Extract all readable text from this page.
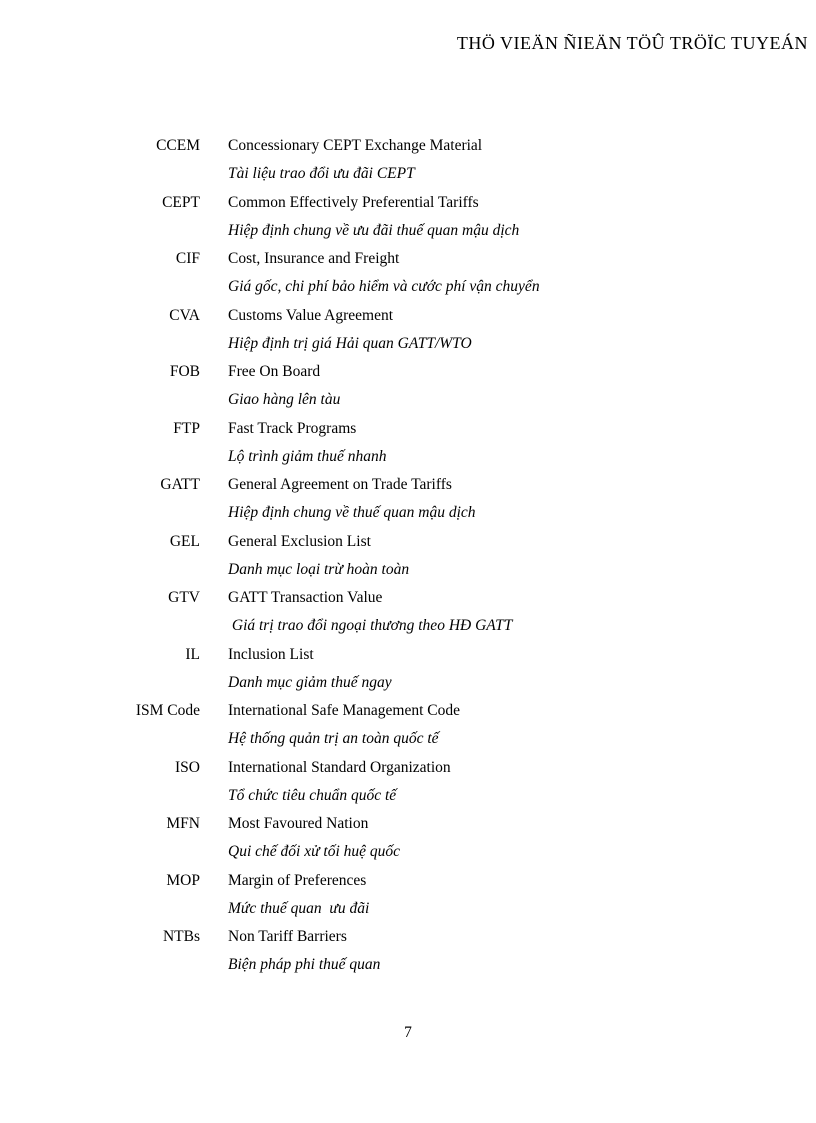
THÖ VIEÄN ÑIEÄN TÖÛ TRÖÏC TUYEÁN
CCEM Concessionary CEPT Exchange Material
Tài liệu trao đổi ưu đãi CEPT
CEPT Common Effectively Preferential Tariffs
Hiệp định chung về ưu đãi thuế quan mậu dịch
CIF Cost, Insurance and Freight
Giá gốc, chi phí bảo hiểm và cước phí vận chuyển
CVA Customs Value Agreement
Hiệp định trị giá Hải quan GATT/WTO
FOB Free On Board
Giao hàng lên tàu
FTP Fast Track Programs
Lộ trình giảm thuế nhanh
GATT General Agreement on Trade Tariffs
Hiệp định chung về thuế quan mậu dịch
GEL General Exclusion List
Danh mục loại trừ hoàn toàn
GTV GATT Transaction Value
Giá trị trao đổi ngoại thương theo HĐ GATT
IL Inclusion List
Danh mục giảm thuế ngay
ISM Code International Safe Management Code
Hệ thống quản trị an toàn quốc tế
ISO International Standard Organization
Tổ chức tiêu chuẩn quốc tế
MFN Most Favoured Nation
Qui chế đối xử tối huệ quốc
MOP Margin of Preferences
Mức thuế quan  ưu đãi
NTBs Non Tariff Barriers
Biện pháp phi thuế quan
7
